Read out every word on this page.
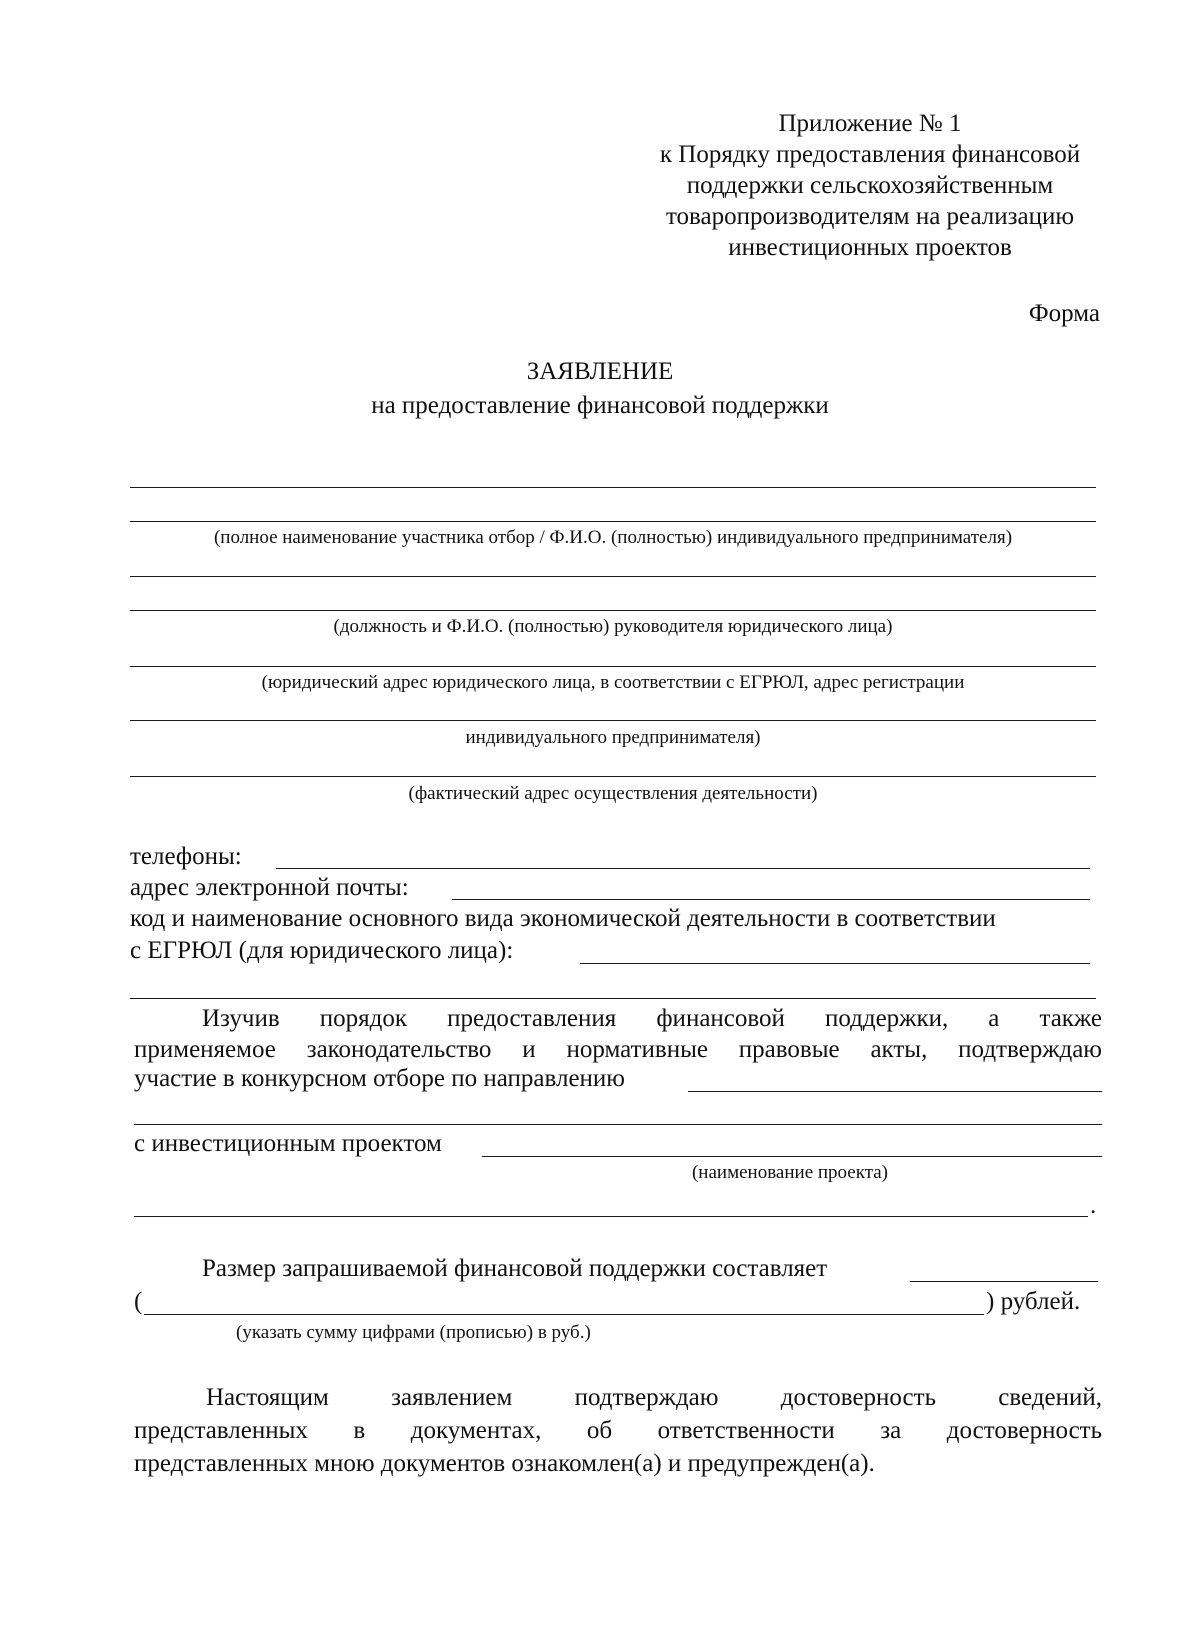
Приложение № 1
к Порядку предоставления финансовой
поддержки сельскохозяйственным
товаропроизводителям на реализацию
инвестиционных проектов
Форма
ЗАЯВЛЕНИЕ
на предоставление финансовой поддержки
(полное наименование участника отбор / Ф.И.О. (полностью) индивидуального предпринимателя)
(должность и Ф.И.О. (полностью) руководителя юридического лица)
(юридический адрес юридического лица, в соответствии с ЕГРЮЛ, адрес регистрации
индивидуального предпринимателя)
(фактический адрес осуществления деятельности)
телефоны:
адрес электронной почты:
код и наименование основного вида экономической деятельности в соответствии
с ЕГРЮЛ (для юридического лица):
Изучив порядок предоставления финансовой поддержки, а также
применяемое законодательство и нормативные правовые акты, подтверждаю
участие в конкурсном отборе по направлению
с инвестиционным проектом
(наименование проекта)
.
Размер запрашиваемой финансовой поддержки составляет
(	) рублей.
(указать сумму цифрами (прописью) в руб.)
Настоящим заявлением подтверждаю достоверность сведений,
представленных в документах, об ответственности за достоверность
представленных мною документов ознакомлен(а) и предупрежден(а).
